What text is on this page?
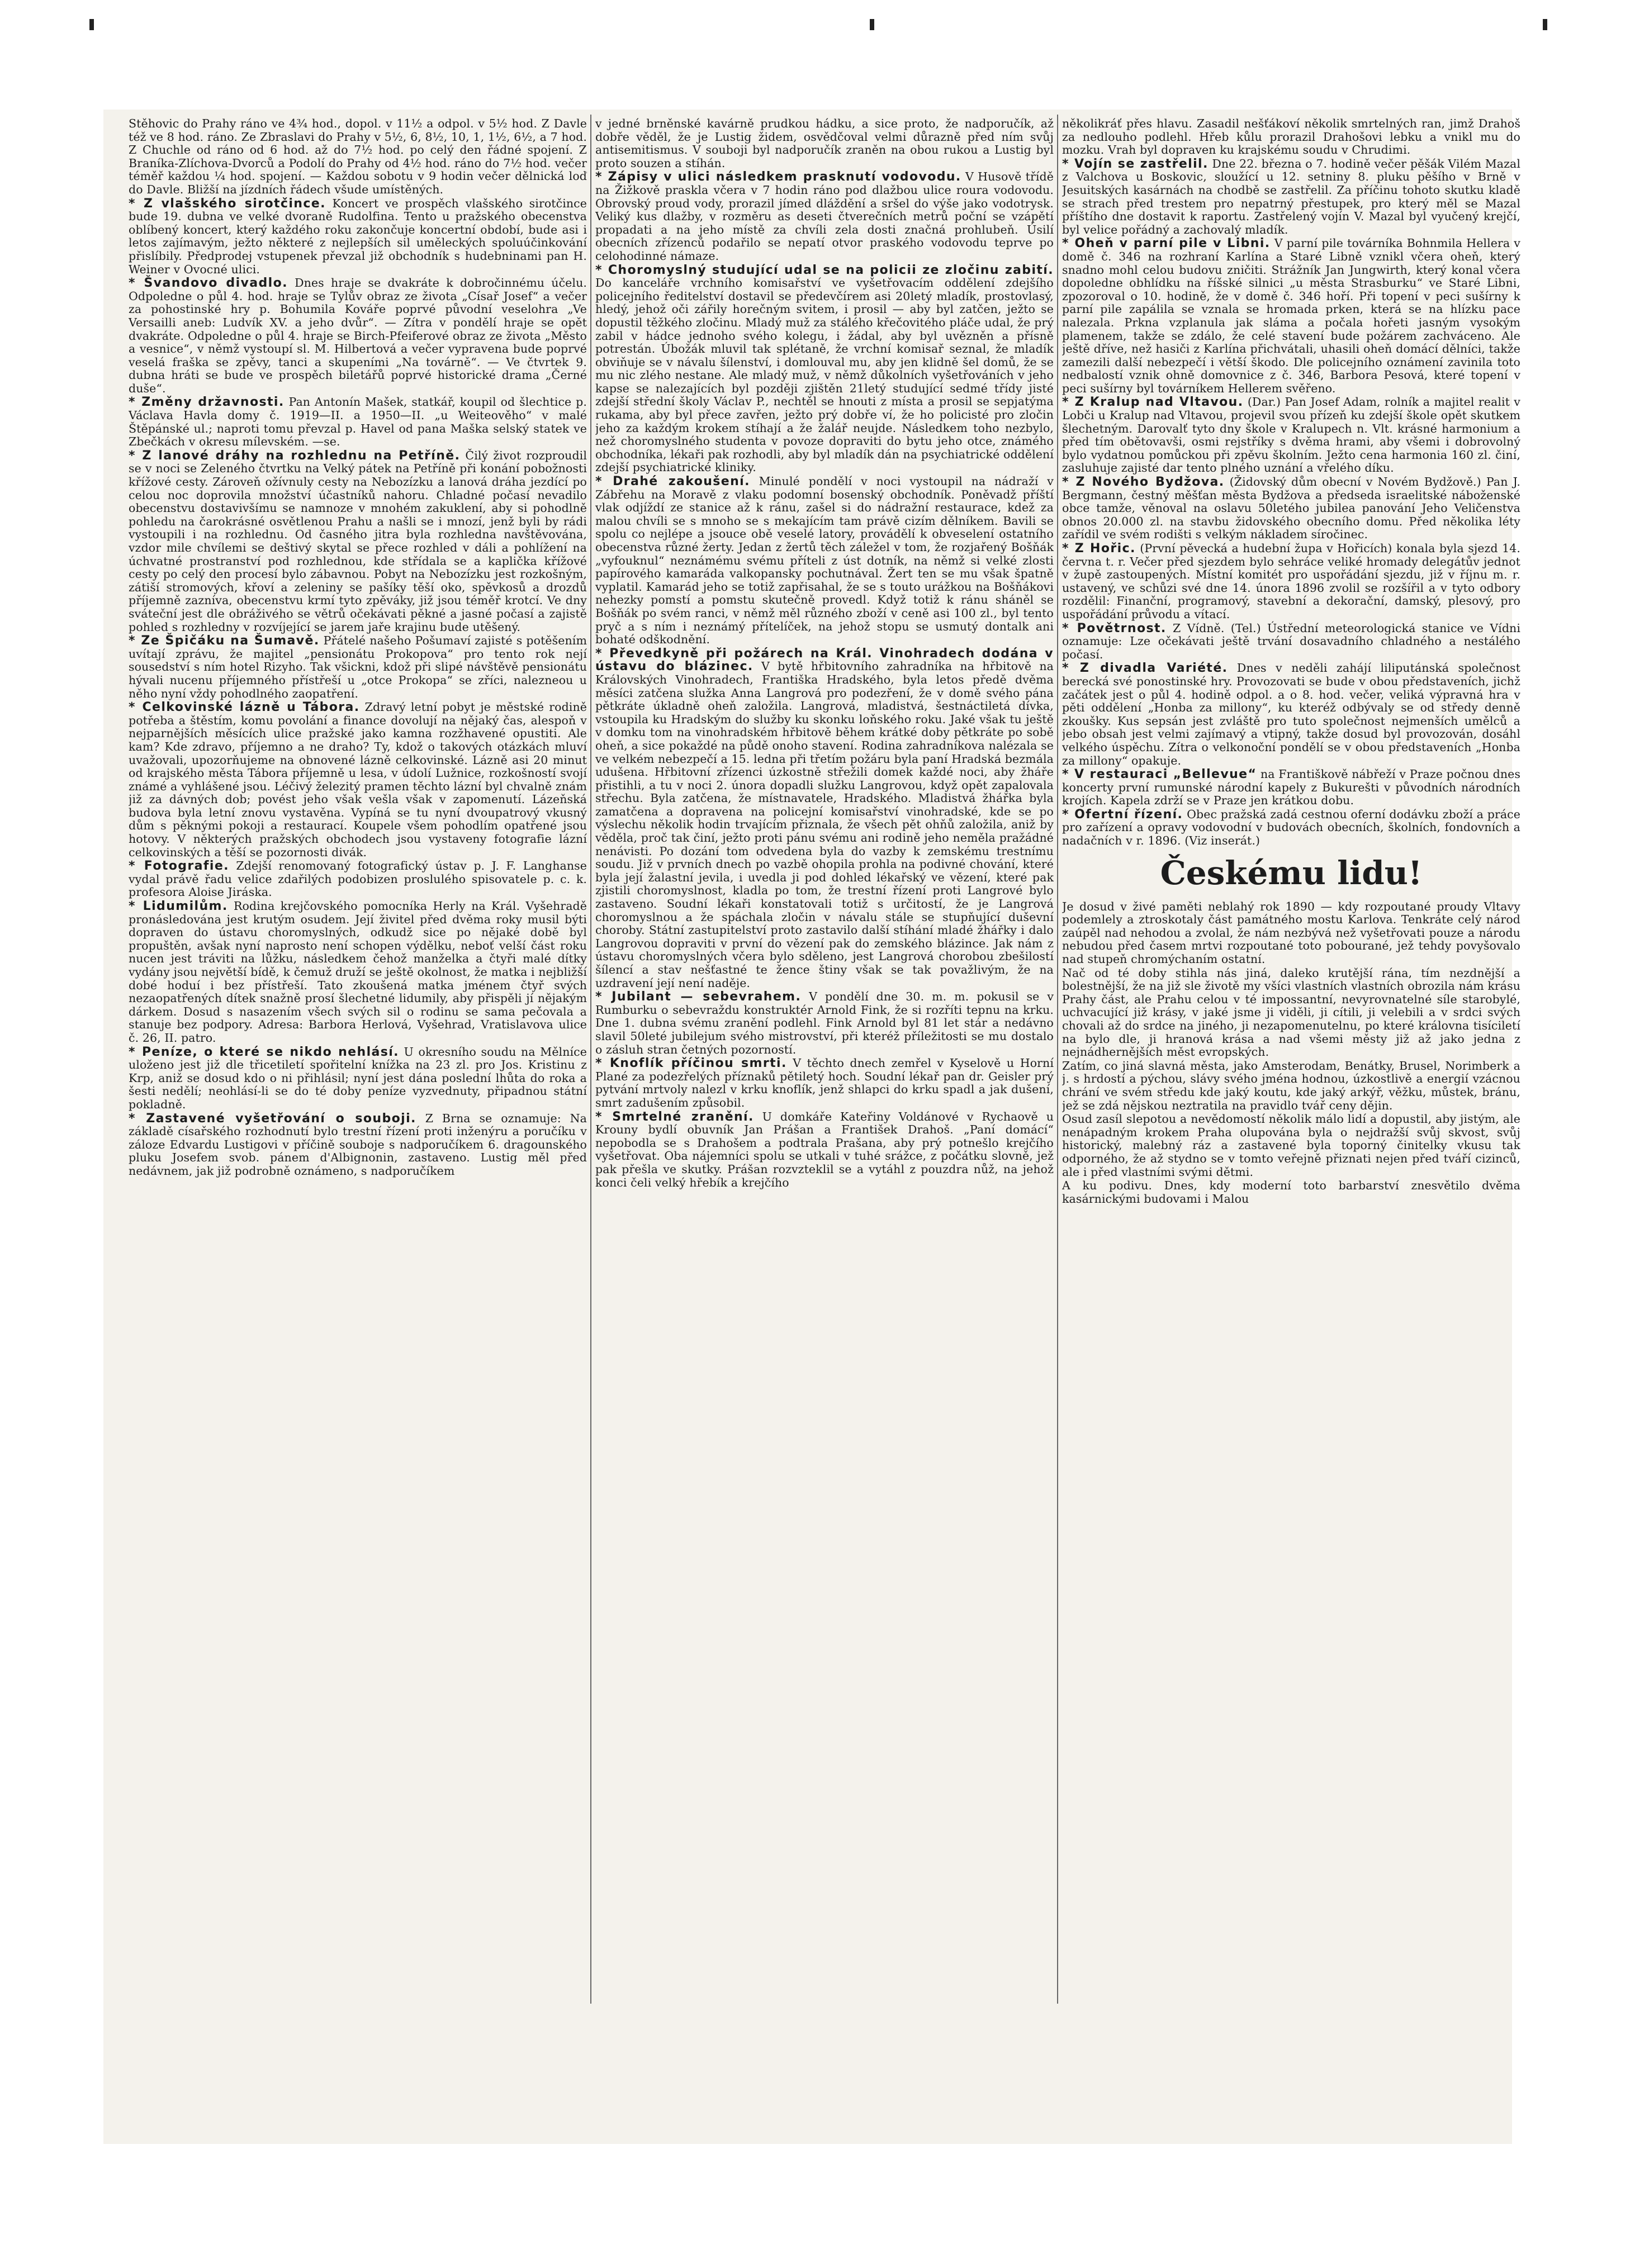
Stěhovic do Prahy ráno ve 4¾ hod., dopol. v 11½ a odpol. v 5½ hod. Z Davle též ve 8 hod. ráno. Ze Zbraslavi do Prahy v 5½, 6, 8½, 10, 1, 1½, 6½, a 7 hod. Z Chuchle od ráno od 6 hod. až do 7½ hod. po celý den řádné spojení. Z Braníka-Zlíchova-Dvorců a Podolí do Prahy od 4½ hod. ráno do 7½ hod. večer téměř každou ¼ hod. spojení. — Každou sobotu v 9 hodin večer dělnická loď do Davle. Bližší na jízdních řádech všude umístěných.

* Z vlašského sirotčince. Koncert ve prospěch vlašského sirotčince bude 19. dubna ve velké dvoraně Rudolfina. Tento u pražského obecenstva oblíbený koncert, který každého roku zakončuje koncertní období, bude asi i letos zajímavým, ježto některé z nejlepších sil uměleckých spoluúčinkování přislíbily. Předprodej vstupenek převzal již obchodník s hudebninami pan H. Weiner v Ovocné ulici.

* Švandovo divadlo. Dnes hraje se dvakráte k dobročinnému účelu. Odpoledne o půl 4. hod. hraje se Tylův obraz ze života „Císař Josef“ a večer za pohostinské hry p. Bohumila Kováře poprvé původní veselohra „Ve Versailli aneb: Ludvík XV. a jeho dvůr“. — Zítra v pondělí hraje se opět dvakráte. Odpoledne o půl 4. hraje se Birch-Pfeiferové obraz ze života „Město a vesnice“, v němž vystoupí sl. M. Hilbertová a večer vypravena bude poprvé veselá fraška se zpěvy, tanci a skupeními „Na továrně“. — Ve čtvrtek 9. dubna hráti se bude ve prospěch biletářů poprvé historické drama „Černé duše“.

* Změny državnosti. Pan Antonín Mašek, statkář, koupil od šlechtice p. Václava Havla domy č. 1919—II. a 1950—II. „u Weiteověho“ v malé Štěpánské ul.; naproti tomu převzal p. Havel od pana Maška selský statek ve Zbečkách v okresu mílevském. —se.

* Z lanové dráhy na rozhlednu na Petříně. Čilý život rozproudil se v noci se Zeleného čtvrtku na Velký pátek na Petříně při konání pobožnosti křížové cesty. Zároveň ožívnuly cesty na Nebozízku a lanová dráha jezdící po celou noc doprovila množství účastníků nahoru. Chladné počasí nevadilo obecenstvu dostavivšímu se namnoze v mnohém zakuklení, aby si pohodlně pohledu na čarokrásné osvětlenou Prahu a našli se i mnozí, jenž byli by rádi vystoupili i na rozhlednu. Od časného jitra byla rozhledna navštěvována, vzdor mile chvílemi se deštivý skytal se přece rozhled v dáli a pohlížení na úchvatné prostranství pod rozhlednou, kde střídala se a kaplička křížové cesty po celý den procesí bylo zábavnou. Pobyt na Nebozízku jest rozkošným, zátiší stromových, křoví a zeleniny se pašíky těší oko, spěvkosů a drozdů příjemně zazníva, obecenstvu krmí tyto zpěváky, již jsou téměř krotcí. Ve dny sváteční jest dle obráživého se větrů očekávati pěkné a jasné počasí a zajistě pohled s rozhledny v rozvíjející se jarem jaře krajinu bude utěšený.

* Ze Špičáku na Šumavě. Přátelé našeho Pošumaví zajisté s potěšením uvítají zprávu, že majitel „pensionátu Prokopova“ pro tento rok nejí sousedství s ním hotel Rizyho. Tak všickni, kdož při slipé návštěvě pensionátu hývali nucenu příjemného přístřeší u „otce Prokopa“ se zříci, nalezneou u něho nyní vždy pohodlného zaopatření.

* Celkovinské lázně u Tábora. Zdravý letní pobyt je městské rodině potřeba a štěstím, komu povolání a finance dovolují na nějaký čas, alespoň v nejparnějších měsících ulice pražské jako kamna rozžhavené opustiti. Ale kam? Kde zdravo, příjemno a ne draho? Ty, kdož o takových otázkách mluví uvažovali, upozorňujeme na obnovené lázně celkovinské. Lázně asi 20 minut od krajského města Tábora příjemně u lesa, v údolí Lužnice, rozkošností svojí známé a vyhlášené jsou. Léčivý železitý pramen těchto lázní byl chvalně znám již za dávných dob; povést jeho však vešla však v zapomenutí. Lázeňská budova byla letní znovu vystavěna. Vypíná se tu nyní dvoupatrový vkusný dům s pěknými pokoji a restaurací. Koupele všem pohodlím opatřené jsou hotovy. V některých pražských obchodech jsou vystaveny fotografie lázní celkovinských a těší se pozornosti divák.

* Fotografie. Zdejší renomovaný fotografický ústav p. J. F. Langhanse vydal právě řadu velice zdařilých podobizen proslulého spisovatele p. c. k. profesora Aloise Jiráska.

* Lidumilům. Rodina krejčovského pomocníka Herly na Král. Vyšehradě pronásledována jest krutým osudem. Její živitel před dvěma roky musil býti dopraven do ústavu choromyslných, odkudž sice po nějaké době byl propuštěn, avšak nyní naprosto není schopen výdělku, neboť velší část roku nucen jest tráviti na lůžku, následkem čehož manželka a čtyři malé dítky vydány jsou největší bídě, k čemuž druží se ještě okolnost, že matka i nejbližší dobé hoduí i bez přístřeší. Tato zkoušená matka jménem čtyř svých nezaopatřených dítek snažně prosí šlechetné lidumily, aby přispěli jí nějakým dárkem. Dosud s nasazením všech svých sil o rodinu se sama pečovala a stanuje bez podpory. Adresa: Barbora Herlová, Vyšehrad, Vratislavova ulice č. 26, II. patro.

* Peníze, o které se nikdo nehlásí. U okresního soudu na Mělníce uloženo jest již dle třicetiletí spořitelní knížka na 23 zl. pro Jos. Kristinu z Krp, aniž se dosud kdo o ni přihlásil; nyní jest dána poslední lhůta do roka a šesti nedělí; neohlásí-li se do té doby peníze vyzvednuty, připadnou státní pokladně.

* Zastavené vyšetřování o souboji. Z Brna se oznamuje: Na základě císařského rozhodnutí bylo trestní řízení proti inženýru a poručíku v záloze Edvardu Lustigovi v příčině souboje s nadporučíkem 6. dragounského pluku Josefem svob. pánem d'Albignonin, zastaveno. Lustig měl před nedávnem, jak již podrobně oznámeno, s nadporučíkem

v jedné brněnské kavárně prudkou hádku, a sice proto, že nadporučík, až dobře věděl, že je Lustig židem, osvědčoval velmi důrazně před ním svůj antisemitismus. V souboji byl nadporučík zraněn na obou rukou a Lustig byl proto souzen a stíhán.

* Zápisy v ulici následkem prasknutí vodovodu. V Husově třídě na Žižkově praskla včera v 7 hodin ráno pod dlažbou ulice roura vodovodu. Obrovský proud vody, prorazil jímed dláždění a sršel do výše jako vodotrysk. Veliký kus dlažby, v rozměru as deseti čtverečních metrů poční se vzápětí propadati a na jeho místě za chvíli zela dosti značná prohlubeň. Úsilí obecních zřízenců podařilo se nepatí otvor praského vodovodu teprve po celohodinné námaze.

* Choromyslný studující udal se na policii ze zločinu zabití. Do kanceláře vrchního komisařství ve vyšetřovacím oddělení zdejšího policejního ředitelství dostavil se předevčírem asi 20letý mladík, prostovlasý, hledý, jehož oči zářily horečným svitem, i prosil — aby byl zatčen, ježto se dopustil těžkého zločinu. Mladý muž za stálého křečovitého pláče udal, že prý zabil v hádce jednoho svého kolegu, i žádal, aby byl uvězněn a přísně potrestán. Úbožák mluvil tak splétaně, že vrchní komisař seznal, že mladík obviňuje se v návalu šílenství, i domlouval mu, aby jen klidně šel domů, že se mu nic zlého nestane. Ale mladý muž, v němž důkolních vyšetřováních v jeho kapse se nalezajících byl později zjištěn 21letý studující sedmé třídy jisté zdejší střední školy Václav P., nechtěl se hnouti z místa a prosil se sepjatýma rukama, aby byl přece zavřen, ježto prý dobře ví, že ho policisté pro zločin jeho za každým krokem stíhají a že žalář neujde. Následkem toho nezbylo, než choromyslného studenta v povoze dopraviti do bytu jeho otce, známého obchodníka, lékaři pak rozhodli, aby byl mladík dán na psychiatrické oddělení zdejší psychiatrické kliniky.

* Drahé zakoušení. Minulé pondělí v noci vystoupil na nádraží v Zábřehu na Moravě z vlaku podomní bosenský obchodník. Poněvadž příští vlak odjíždí ze stanice až k ránu, zašel si do nádražní restaurace, kdež za malou chvíli se s mnoho se s mekajícím tam právě cizím dělníkem. Bavili se spolu co nejlépe a jsouce obě veselé latory, provádělí k obveselení ostatního obecenstva různé žerty. Jedan z žertů těch záležel v tom, že rozjařený Bošňák „vyfouknul“ neznámému svému příteli z úst dotník, na němž si velké zlosti papírového kamaráda valkopansky pochutnával. Žert ten se mu však špatně vyplatil. Kamarád jeho se totiž zapřisahal, že se s touto urážkou na Bošňákovi nehezky pomstí a pomstu skutečně provedl. Když totiž k ránu sháněl se Bošňák po svém ranci, v němž měl různého zboží v ceně asi 100 zl., byl tento pryč a s ním i neznámý přítelíček, na jehož stopu se usmutý dontalk ani bohaté odškodnění.

* Převedkyně při požárech na Král. Vinohradech dodána v ústavu do blázinec. V bytě hřbitovního zahradníka na hřbitově na Královských Vinohradech, Františka Hradského, byla letos předě dvěma měsíci zatčena služka Anna Langrová pro podezření, že v domě svého pána pětkráte úkladně oheň založila. Langrová, mladistvá, šestnáctiletá dívka, vstoupila ku Hradským do služby ku skonku loňského roku. Jaké však tu ještě v domku tom na vinohradském hřbitově během krátké doby pětkráte po sobě oheň, a sice pokaždé na půdě onoho stavení. Rodina zahradníkova nalézala se ve velkém nebezpečí a 15. ledna při třetím požáru byla paní Hradská bezmála udušena. Hřbitovní zřízenci úzkostně střežili domek každé noci, aby žháře přistihli, a tu v noci 2. února dopadli služku Langrovou, když opět zapalovala střechu. Byla zatčena, že místnavatele, Hradského. Mladistvá žhářka byla zamatčena a dopravena na policejní komisařství vinohradské, kde se po výslechu několik hodin trvajícím přiznala, že všech pět ohňů založila, aniž by věděla, proč tak činí, ježto proti pánu svému ani rodině jeho neměla pražádné nenávisti. Po dozání tom odvedena byla do vazby k zemskému trestnímu soudu. Již v prvních dnech po vazbě ohopila prohla na podivné chování, které byla její žalastní jevila, i uvedla ji pod dohled lékařský ve vězení, které pak zjistili choromyslnost, kladla po tom, že trestní řízení proti Langrové bylo zastaveno. Soudní lékaři konstatovali totiž s určitostí, že je Langrová choromyslnou a že spáchala zločin v návalu stále se stupňující duševní choroby. Státní zastupitelství proto zastavilo další stíhání mladé žhářky i dalo Langrovou dopraviti v první do vězení pak do zemského blázince. Jak nám z ústavu choromyslných včera bylo sděleno, jest Langrová chorobou zbešilostí šílencí a stav nešťastné te žence štiny však se tak považlivým, že na uzdravení její není naděje.

* Jubilant — sebevrahem. V pondělí dne 30. m. m. pokusil se v Rumburku o sebevraždu konstruktér Arnold Fink, že si rozříti tepnu na krku. Dne 1. dubna svému zranění podlehl. Fink Arnold byl 81 let stár a nedávno slavil 50leté jubilejum svého mistrovství, při kteréž příležitosti se mu dostalo o zásluh stran četných pozorností.

* Knoflík příčinou smrti. V těchto dnech zemřel v Kyselově u Horní Plané za podezřelých příznaků pětiletý hoch. Soudní lékař pan dr. Geisler prý pytvání mrtvoly nalezl v krku knoflík, jenž shlapci do krku spadl a jak dušení, smrt zadušením způsobil.

* Smrtelné zranění. U domkáře Kateřiny Voldánové v Rychaově u Krouny bydlí obuvník Jan Prášan a František Drahoš. „Paní domácí“ nepobodla se s Drahošem a podtrala Prašana, aby prý potnešlo krejčího vyšetřovat. Oba nájemníci spolu se utkali v tuhé srážce, z počátku slovně, jež pak přešla ve skutky. Prášan rozvzteklil se a vytáhl z pouzdra nůž, na jehož konci čeli velký hřebík a krejčího

několikráť přes hlavu. Zasadil nešťákoví několik smrtelných ran, jimž Drahoš za nedlouho podlehl. Hřeb kůlu prorazil Drahošovi lebku a vnikl mu do mozku. Vrah byl dopraven ku krajskému soudu v Chrudimi.

* Vojín se zastřelil. Dne 22. března o 7. hodině večer pěšák Vilém Mazal z Valchova u Boskovic, sloužící u 12. setniny 8. pluku pěšího v Brně v Jesuitských kasárnách na chodbě se zastřelil. Za příčinu tohoto skutku kladě se strach před trestem pro nepatrný přestupek, pro který měl se Mazal příštího dne dostavit k raportu. Zastřelený vojín V. Mazal byl vyučený krejčí, byl velice pořádný a zachovalý mladík.

* Oheň v parní pile v Libni. V parní pile továrníka Bohnmila Hellera v domě č. 346 na rozhraní Karlína a Staré Libně vznikl včera oheň, který snadno mohl celou budovu zničiti. Strážník Jan Jungwirth, který konal včera dopoledne obhlídku na říšské silnici „u města Strasburku“ ve Staré Libni, zpozoroval o 10. hodině, že v domě č. 346 hoří. Při topení v peci sušírny k parní pile zapálila se vznala se hromada prken, která se na hlízku pace nalezala. Prkna vzplanula jak sláma a počala hořeti jasným vysokým plamenem, takže se zdálo, že celé stavení bude požárem zachváceno. Ale ještě dříve, než hasiči z Karlína přichvátali, uhasili oheň domácí dělníci, takže zamezili další nebezpečí i větší škodo. Dle policejního oznámení zavinila toto nedbalostí vznik ohně domovnice z č. 346, Barbora Pesová, které topení v peci sušírny byl továrníkem Hellerem svěřeno.

* Z Kralup nad Vltavou. (Dar.) Pan Josef Adam, rolník a majitel realit v Lobči u Kralup nad Vltavou, projevil svou přízeň ku zdejší škole opět skutkem šlechetným. Darovalť tyto dny škole v Kralupech n. Vlt. krásné harmonium a před tím obětovavši, osmi rejstříky s dvěma hrami, aby všemi i dobrovolný bylo vydatnou pomůckou při zpěvu školním. Ježto cena harmonia 160 zl. činí, zasluhuje zajisté dar tento plného uznání a vřelého díku.

* Z Nového Bydžova. (Židovský dům obecní v Novém Bydžově.) Pan J. Bergmann, čestný měšťan města Bydžova a předseda israelitské náboženské obce tamže, věnoval na oslavu 50letého jubilea panování Jeho Veličenstva obnos 20.000 zl. na stavbu židovského obecního domu. Před několika léty zařídil ve svém rodišti s velkým nákladem síročinec.

* Z Hořic. (První pěvecká a hudební župa v Hořicích) konala byla sjezd 14. června t. r. Večer před sjezdem bylo sehráce veliké hromady delegátův jednot v župě zastoupených. Místní komitét pro uspořádání sjezdu, již v říjnu m. r. ustavený, ve schůzi své dne 14. února 1896 zvolil se rozšířil a v tyto odbory rozdělil: Finanční, programový, stavební a dekorační, damský, plesový, pro uspořádání průvodu a vítací.

* Povětrnost. Z Vídně. (Tel.) Ústřední meteorologická stanice ve Vídni oznamuje: Lze očekávati ještě trvání dosavadního chladného a nestálého počasí.

* Z divadla Variété. Dnes v neděli zahájí liliputánská společnost berecká své ponostinské hry. Provozovati se bude v obou představeních, jichž začátek jest o půl 4. hodině odpol. a o 8. hod. večer, veliká výpravná hra v pěti oddělení „Honba za millony“, ku kteréž odbývaly se od středy denně zkoušky. Kus sepsán jest zvláště pro tuto společnost nejmenších umělců a jebo obsah jest velmi zajímavý a vtipný, takže dosud byl provozován, dosáhl velkého úspěchu. Zítra o velkonoční pondělí se v obou představeních „Honba za millony“ opakuje.

* V restauraci „Bellevue“ na Františkově nábřeží v Praze počnou dnes koncerty první rumunské národní kapely z Bukurešti v původních národních krojích. Kapela zdrží se v Praze jen krátkou dobu.

* Ofertní řízení. Obec pražská zadá cestnou oferní dodávku zboží a práce pro zařízení a opravy vodovodní v budovách obecních, školních, fondovních a nadačních v r. 1896. (Viz inserát.)

Českému lidu!

Je dosud v živé paměti neblahý rok 1890 — kdy rozpoutané proudy Vltavy podemlely a ztroskotaly část památného mostu Karlova. Tenkráte celý národ zaúpěl nad nehodou a zvolal, že nám nezbývá než vyšetřovati pouze a národu nebudou před časem mrtvi rozpoutané toto pobourané, jež tehdy povyšovalo nad stupeň chromýchaním ostatní.

Nač od té doby stihla nás jiná, daleko krutější rána, tím nezdnější a bolestnější, že na již sle životě my všíci vlastních vlastních obrozila nám krásu Prahy část, ale Prahu celou v té impossantní, nevyrovnatelné síle starobylé, uchvacující již krásy, v jaké jsme ji viděli, ji cítili, ji velebili a v srdci svých chovali až do srdce na jiného, ji nezapomenutelnu, po které královna tisíciletí na bylo dle, ji hranová krása a nad všemi městy již až jako jedna z nejnádhernějších měst evropských.

Zatím, co jiná slavná města, jako Amsterodam, Benátky, Brusel, Norimberk a j. s hrdostí a pýchou, slávy svého jména hodnou, úzkostlivě a energií vzácnou chrání ve svém středu kde jaký koutu, kde jaký arkýř, věžku, můstek, bránu, jež se zdá nějskou neztratila na pravidlo tvář ceny dějin.

Osud zasíl slepotou a nevědomostí několik málo lidí a dopustil, aby jistým, ale nenápadným krokem Praha olupována byla o nejdražší svůj skvost, svůj historický, malebný ráz a zastavené byla toporný činitelky vkusu tak odporného, že až stydno se v tomto veřejně přiznati nejen před tváří cizinců, ale i před vlastními svými dětmi.

A ku podivu. Dnes, kdy moderní toto barbarství znesvětilo dvěma kasárnickými budovami i Malou
